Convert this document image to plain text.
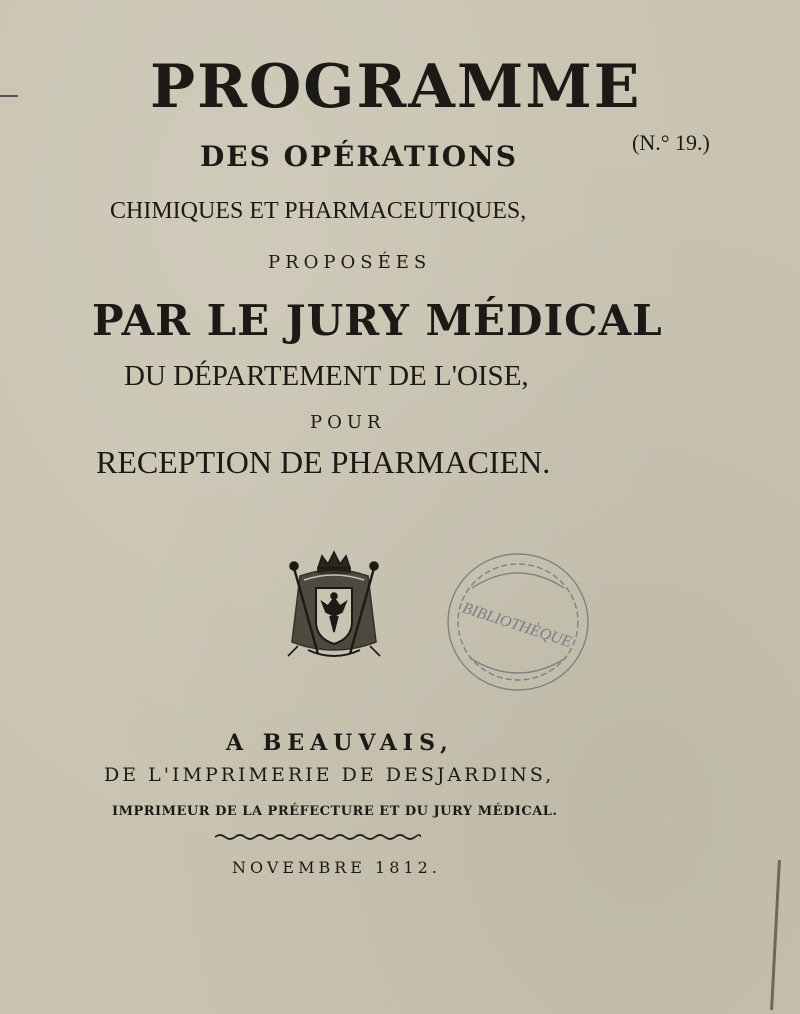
PROGRAMME
(N.° 19.)
DES OPÉRATIONS
CHIMIQUES ET PHARMACEUTIQUES,
PROPOSÉES
PAR LE JURY MÉDICAL
DU DÉPARTEMENT DE L'OISE,
POUR
RECEPTION DE PHARMACIEN.
BIBLIOTHÈQUE
A BEAUVAIS,
DE L'IMPRIMERIE DE DESJARDINS,
IMPRIMEUR DE LA PRÉFECTURE ET DU JURY MÉDICAL.
NOVEMBRE 1812.
